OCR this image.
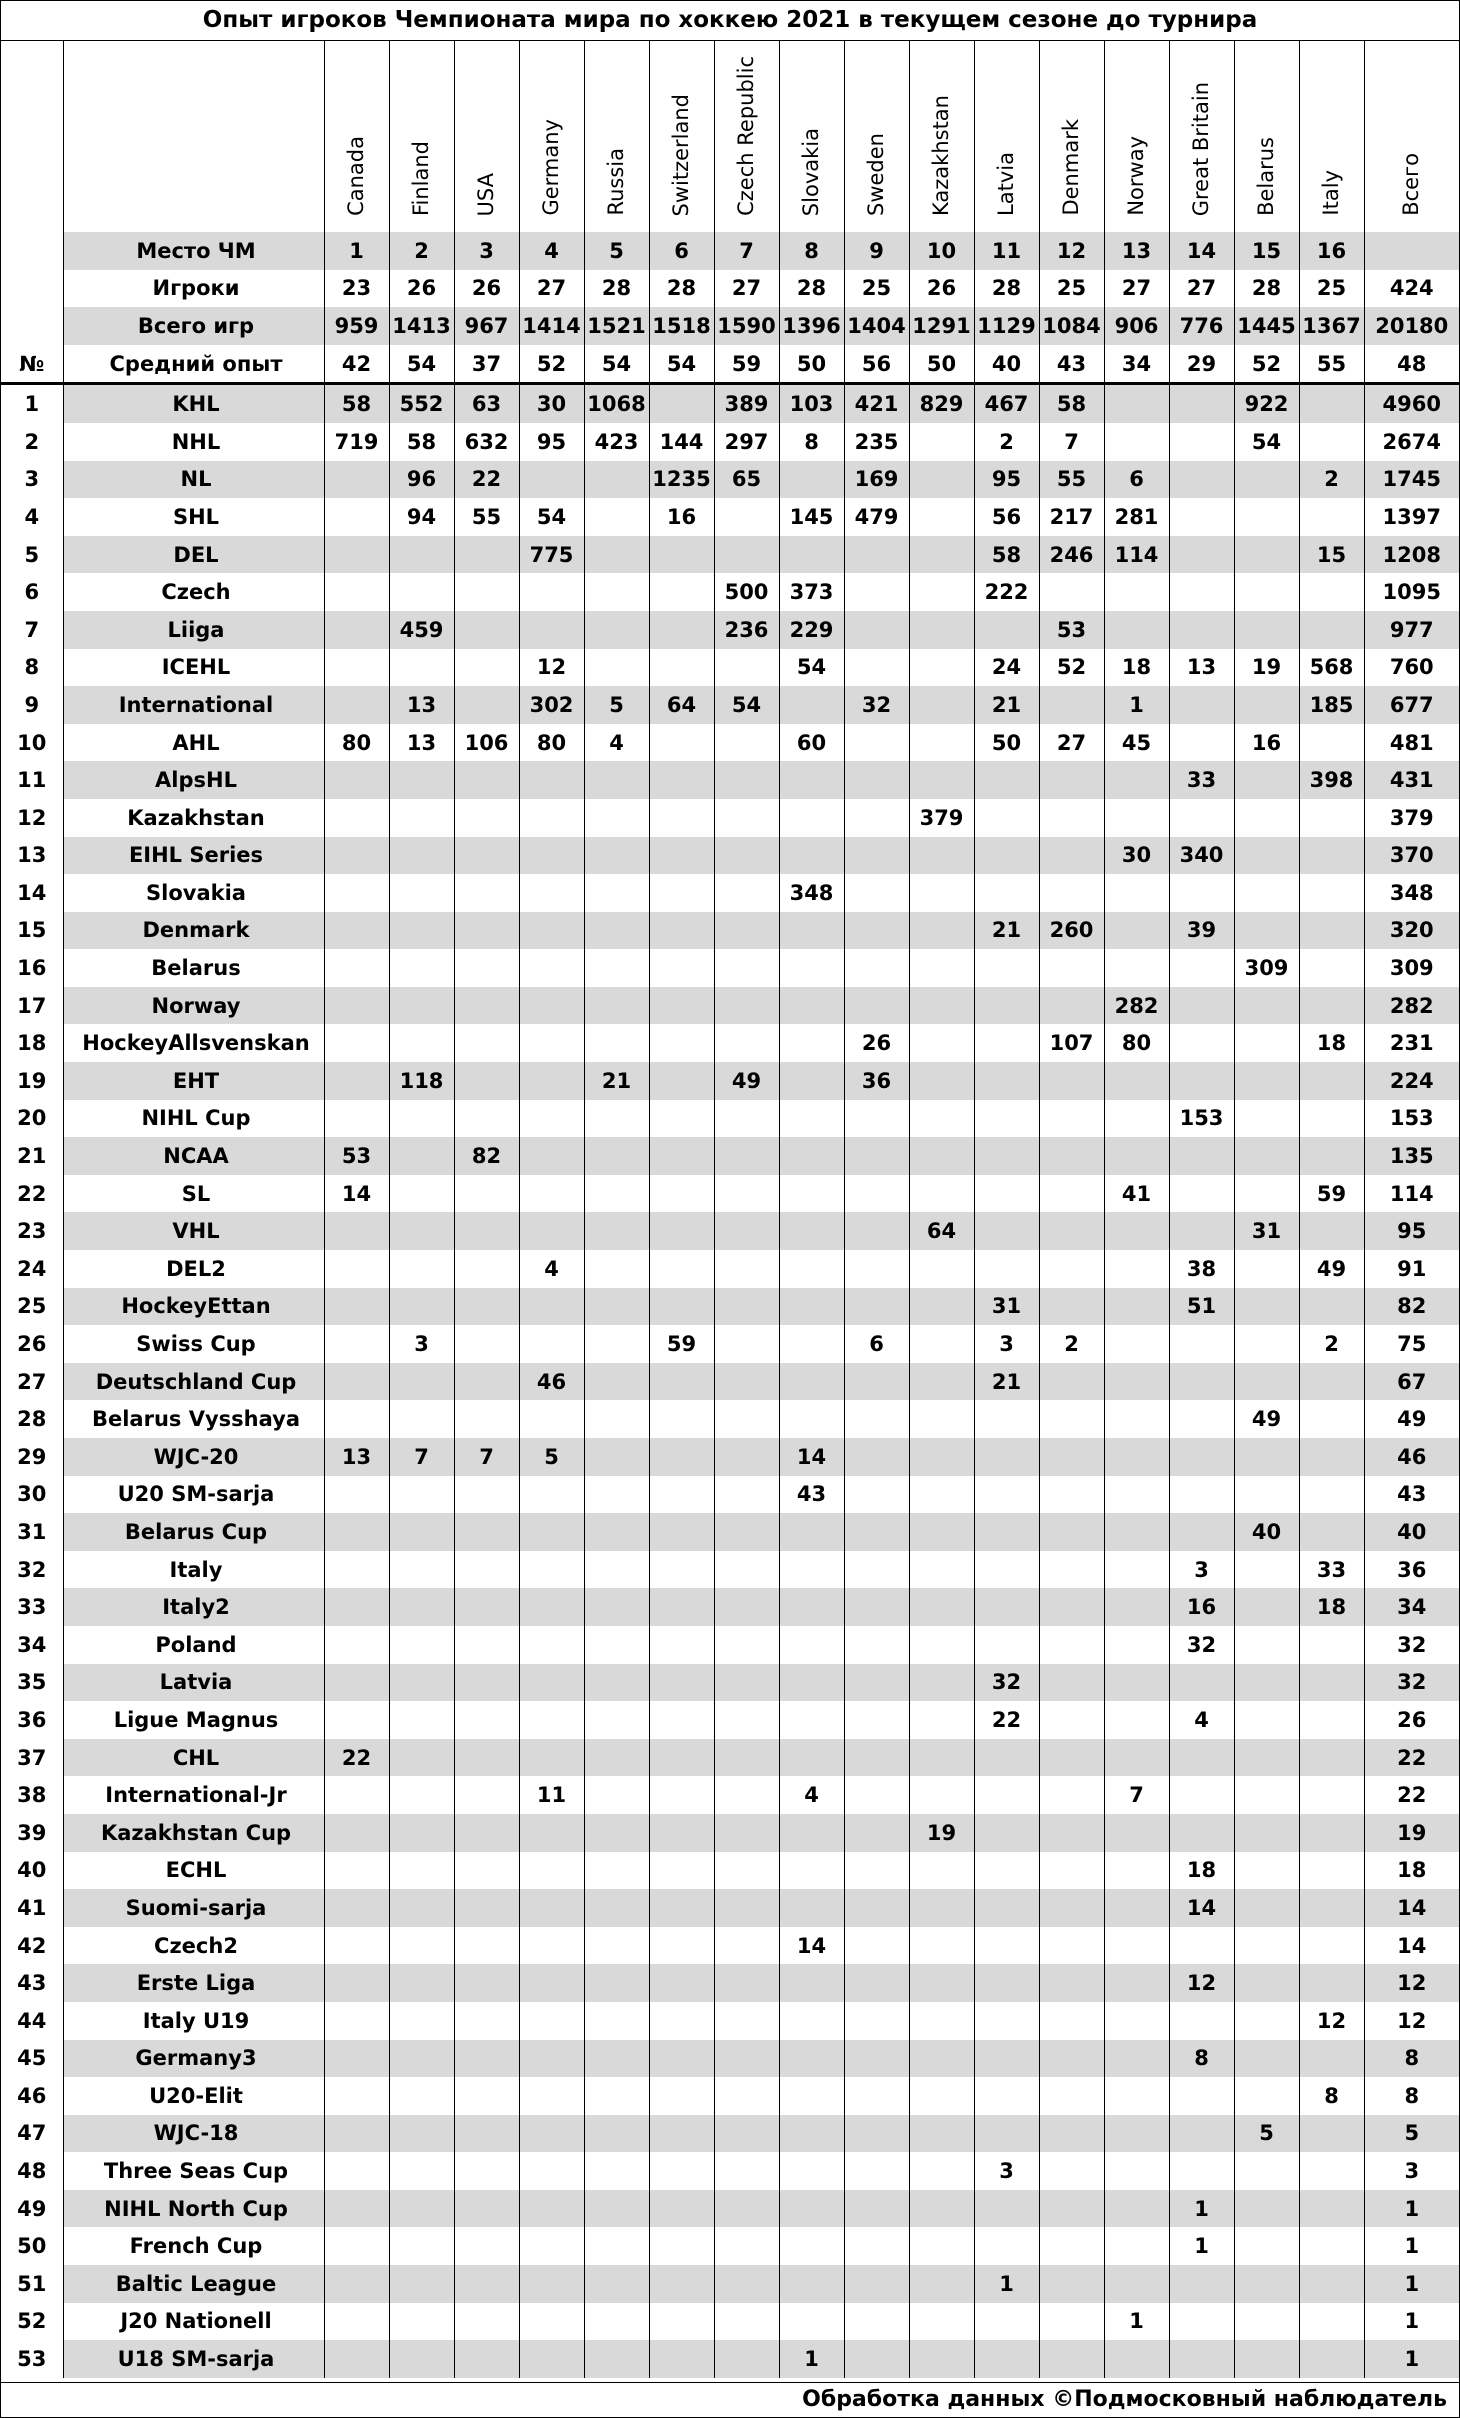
Опыт игроков Чемпионата мира по хоккею 2021 в текущем сезоне до турнира
		Canada	Finland	USA	Germany	Russia	Switzerland	Czech Republic	Slovakia	Sweden	Kazakhstan	Latvia	Denmark	Norway	Great Britain	Belarus	Italy	Всего
	Место ЧМ	1	2	3	4	5	6	7	8	9	10	11	12	13	14	15	16	
	Игроки	23	26	26	27	28	28	27	28	25	26	28	25	27	27	28	25	424
	Всего игр	959	1413	967	1414	1521	1518	1590	1396	1404	1291	1129	1084	906	776	1445	1367	20180
№	Средний опыт	42	54	37	52	54	54	59	50	56	50	40	43	34	29	52	55	48
1	KHL	58	552	63	30	1068		389	103	421	829	467	58			922		4960
2	NHL	719	58	632	95	423	144	297	8	235		2	7			54		2674
3	NL		96	22			1235	65		169		95	55	6			2	1745
4	SHL		94	55	54		16		145	479		56	217	281				1397
5	DEL				775							58	246	114			15	1208
6	Czech							500	373			222						1095
7	Liiga		459					236	229				53					977
8	ICEHL				12				54			24	52	18	13	19	568	760
9	International		13		302	5	64	54		32		21		1			185	677
10	AHL	80	13	106	80	4			60			50	27	45		16		481
11	AlpsHL														33		398	431
12	Kazakhstan										379							379
13	EIHL Series													30	340			370
14	Slovakia								348									348
15	Denmark											21	260		39			320
16	Belarus															309		309
17	Norway													282				282
18	HockeyAllsvenskan									26			107	80			18	231
19	EHT		118			21		49		36								224
20	NIHL Cup														153			153
21	NCAA	53		82														135
22	SL	14												41			59	114
23	VHL										64					31		95
24	DEL2				4										38		49	91
25	HockeyEttan											31			51			82
26	Swiss Cup		3				59			6		3	2				2	75
27	Deutschland Cup				46							21						67
28	Belarus Vysshaya															49		49
29	WJC-20	13	7	7	5				14									46
30	U20 SM-sarja								43									43
31	Belarus Cup															40		40
32	Italy														3		33	36
33	Italy2														16		18	34
34	Poland														32			32
35	Latvia											32						32
36	Ligue Magnus											22			4			26
37	CHL	22																22
38	International-Jr				11				4					7				22
39	Kazakhstan Cup										19							19
40	ECHL														18			18
41	Suomi-sarja														14			14
42	Czech2								14									14
43	Erste Liga														12			12
44	Italy U19																12	12
45	Germany3														8			8
46	U20-Elit																8	8
47	WJC-18															5		5
48	Three Seas Cup											3						3
49	NIHL North Cup														1			1
50	French Cup														1			1
51	Baltic League											1						1
52	J20 Nationell													1				1
53	U18 SM-sarja								1									1
Обработка данных ©Подмосковный наблюдатель
